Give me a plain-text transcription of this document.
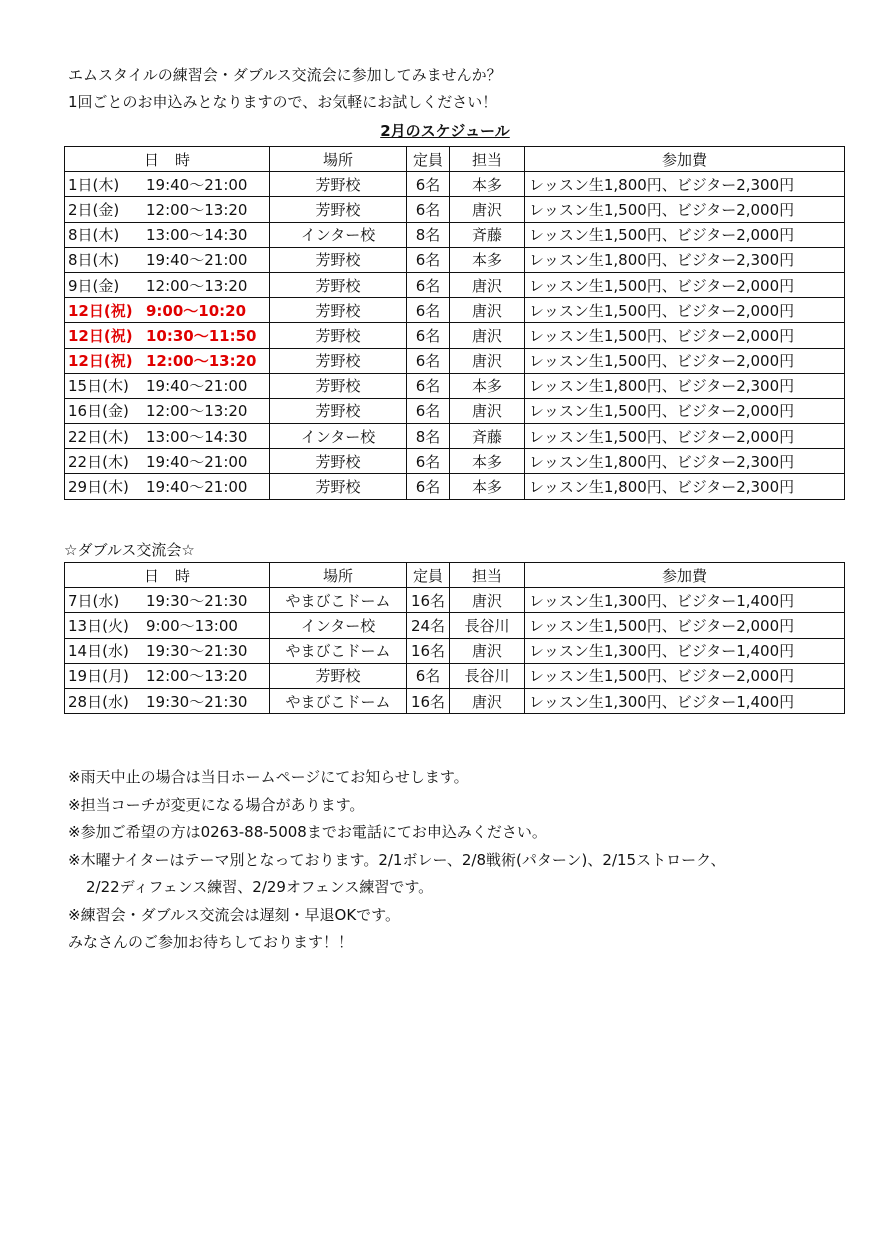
エムスタイルの練習会・ダブルス交流会に参加してみませんか？
1回ごとのお申込みとなりますので、お気軽にお試しください！
2月のスケジュール
日時	場所	定員	担当	参加費
1日(木) 19:40～21:00	芳野校	6名	本多	レッスン生1,800円、ビジター2,300円
2日(金) 12:00～13:20	芳野校	6名	唐沢	レッスン生1,500円、ビジター2,000円
8日(木) 13:00～14:30	インター校	8名	斉藤	レッスン生1,500円、ビジター2,000円
8日(木) 19:40～21:00	芳野校	6名	本多	レッスン生1,800円、ビジター2,300円
9日(金) 12:00～13:20	芳野校	6名	唐沢	レッスン生1,500円、ビジター2,000円
12日(祝) 9:00～10:20	芳野校	6名	唐沢	レッスン生1,500円、ビジター2,000円
12日(祝) 10:30～11:50	芳野校	6名	唐沢	レッスン生1,500円、ビジター2,000円
12日(祝) 12:00～13:20	芳野校	6名	唐沢	レッスン生1,500円、ビジター2,000円
15日(木) 19:40～21:00	芳野校	6名	本多	レッスン生1,800円、ビジター2,300円
16日(金) 12:00～13:20	芳野校	6名	唐沢	レッスン生1,500円、ビジター2,000円
22日(木) 13:00～14:30	インター校	8名	斉藤	レッスン生1,500円、ビジター2,000円
22日(木) 19:40～21:00	芳野校	6名	本多	レッスン生1,800円、ビジター2,300円
29日(木) 19:40～21:00	芳野校	6名	本多	レッスン生1,800円、ビジター2,300円
☆ダブルス交流会☆
日時	場所	定員	担当	参加費
7日(水) 19:30～21:30	やまびこドーム	16名	唐沢	レッスン生1,300円、ビジター1,400円
13日(火) 9:00～13:00	インター校	24名	長谷川	レッスン生1,500円、ビジター2,000円
14日(水) 19:30～21:30	やまびこドーム	16名	唐沢	レッスン生1,300円、ビジター1,400円
19日(月) 12:00～13:20	芳野校	6名	長谷川	レッスン生1,500円、ビジター2,000円
28日(水) 19:30～21:30	やまびこドーム	16名	唐沢	レッスン生1,300円、ビジター1,400円
※雨天中止の場合は当日ホームページにてお知らせします。
※担当コーチが変更になる場合があります。
※参加ご希望の方は0263-88-5008までお電話にてお申込みください。
※木曜ナイターはテーマ別となっております。2/1ボレー、2/8戦術(パターン)、2/15ストローク、
2/22ディフェンス練習、2/29オフェンス練習です。
※練習会・ダブルス交流会は遅刻・早退OKです。
みなさんのご参加お待ちしております！！
